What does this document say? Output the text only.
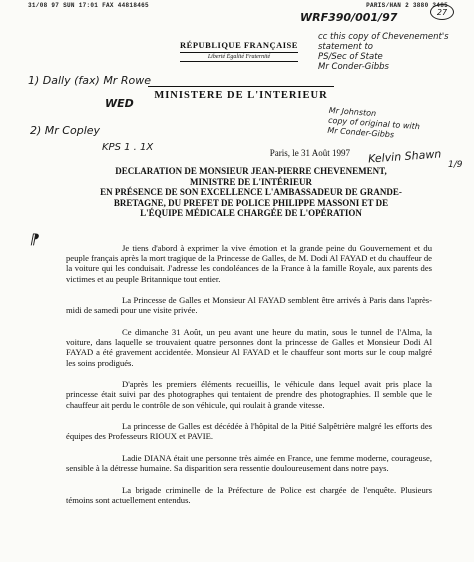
31/08 97 SUN 17:01 FAX 44818465	PARIS/HAN 2 3880 3485
WRF390/001/97	27
cc this copy of Chevenement's
statement to
PS/Sec of State
Mr Conder-Gibbs
1) Dally (fax) Mr Rowe
WED
2) Mr Copley
KPS 1 . 1X
Mr Johnston
copy of original to with
Mr Conder-Gibbs
Kelvin Shawn 1/9
⁋
RÉPUBLIQUE FRANÇAISE
Liberté Égalité Fraternité
MINISTERE DE L'INTERIEUR
Paris, le 31 Août 1997
DECLARATION DE MONSIEUR JEAN-PIERRE CHEVENEMENT,
MINISTRE DE L'INTÉRIEUR
EN PRÉSENCE DE SON EXCELLENCE L'AMBASSADEUR DE GRANDE-
BRETAGNE, DU PREFET DE POLICE PHILIPPE MASSONI ET DE
L'ÉQUIPE MÉDICALE CHARGÉE DE L'OPÉRATION

Je tiens d'abord à exprimer la vive émotion et la grande peine du Gouvernement et du peuple français après la mort tragique de la Princesse de Galles, de M. Dodi Al FAYAD et du chauffeur de la voiture qui les conduisait. J'adresse les condoléances de la France à la famille Royale, aux parents des victimes et au peuple Britannique tout entier.

La Princesse de Galles et Monsieur Al FAYAD semblent être arrivés à Paris dans l'après-midi de samedi pour une visite privée.

Ce dimanche 31 Août, un peu avant une heure du matin, sous le tunnel de l'Alma, la voiture, dans laquelle se trouvaient quatre personnes dont la princesse de Galles et Monsieur Dodi Al FAYAD a été gravement accidentée. Monsieur Al FAYAD et le chauffeur sont morts sur le coup malgré les soins prodigués.

D'après les premiers éléments recueillis, le véhicule dans lequel avait pris place la princesse était suivi par des photographes qui tentaient de prendre des photographies. Il semble que le chauffeur ait perdu le contrôle de son véhicule, qui roulait à grande vitesse.

La princesse de Galles est décédée à l'hôpital de la Pitié Salpêtrière malgré les efforts des équipes des Professeurs RIOUX et PAVIE.

Ladie DIANA était une personne très aimée en France, une femme moderne, courageuse, sensible à la détresse humaine. Sa disparition sera ressentie douloureusement dans notre pays.

La brigade criminelle de la Préfecture de Police est chargée de l'enquête. Plusieurs témoins sont actuellement entendus.
